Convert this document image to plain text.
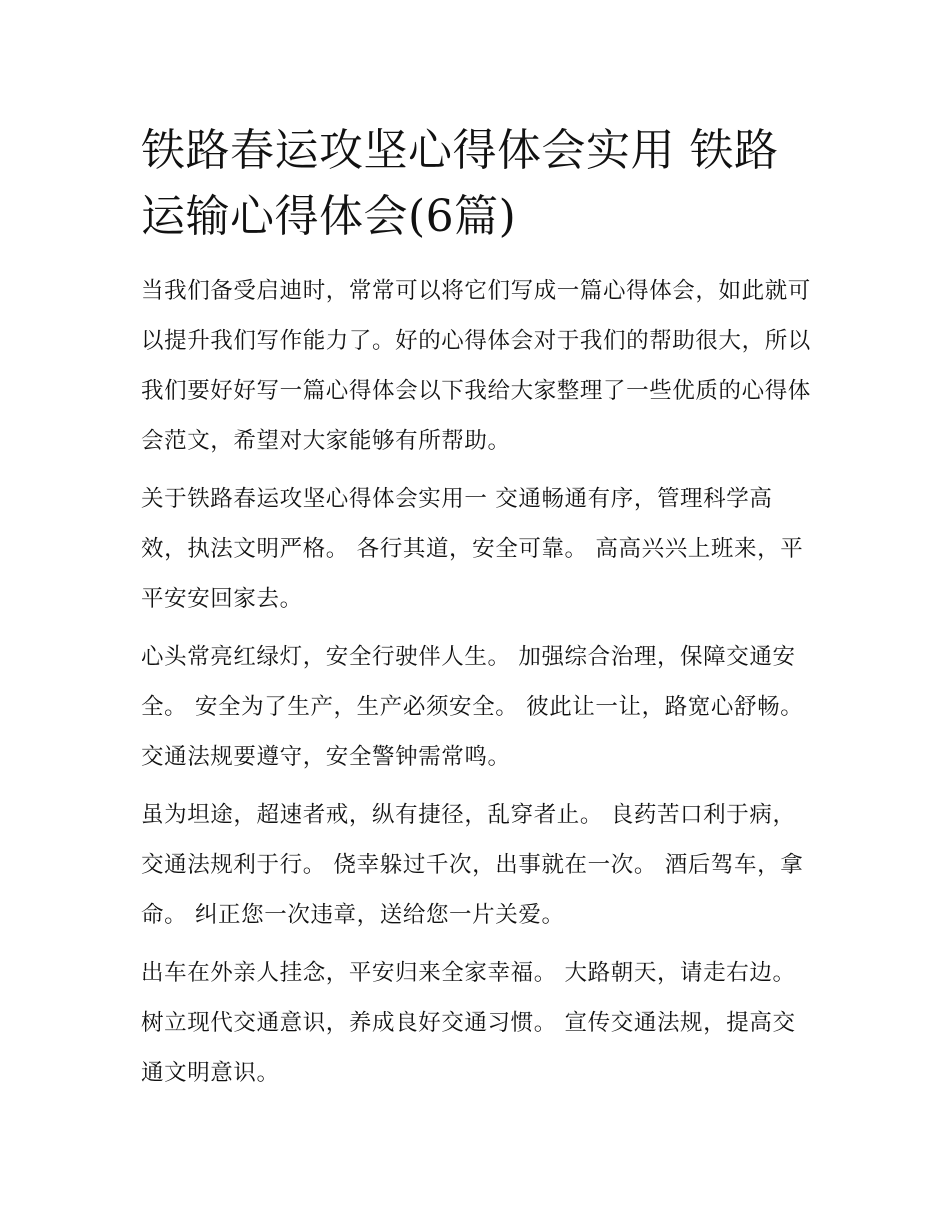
铁路春运攻坚心得体会实用 铁路运输心得体会(6篇)

当我们备受启迪时，常常可以将它们写成一篇心得体会，如此就可以提升我们写作能力了。好的心得体会对于我们的帮助很大，所以我们要好好写一篇心得体会以下我给大家整理了一些优质的心得体会范文，希望对大家能够有所帮助。

关于铁路春运攻坚心得体会实用一 交通畅通有序，管理科学高效，执法文明严格。 各行其道，安全可靠。 高高兴兴上班来，平平安安回家去。

心头常亮红绿灯，安全行驶伴人生。 加强综合治理，保障交通安全。 安全为了生产，生产必须安全。 彼此让一让，路宽心舒畅。 交通法规要遵守，安全警钟需常鸣。

虽为坦途，超速者戒，纵有捷径，乱穿者止。 良药苦口利于病，交通法规利于行。 侥幸躲过千次，出事就在一次。 酒后驾车，拿命。 纠正您一次违章，送给您一片关爱。

出车在外亲人挂念，平安归来全家幸福。 大路朝天，请走右边。 树立现代交通意识，养成良好交通习惯。 宣传交通法规，提高交通文明意识。
